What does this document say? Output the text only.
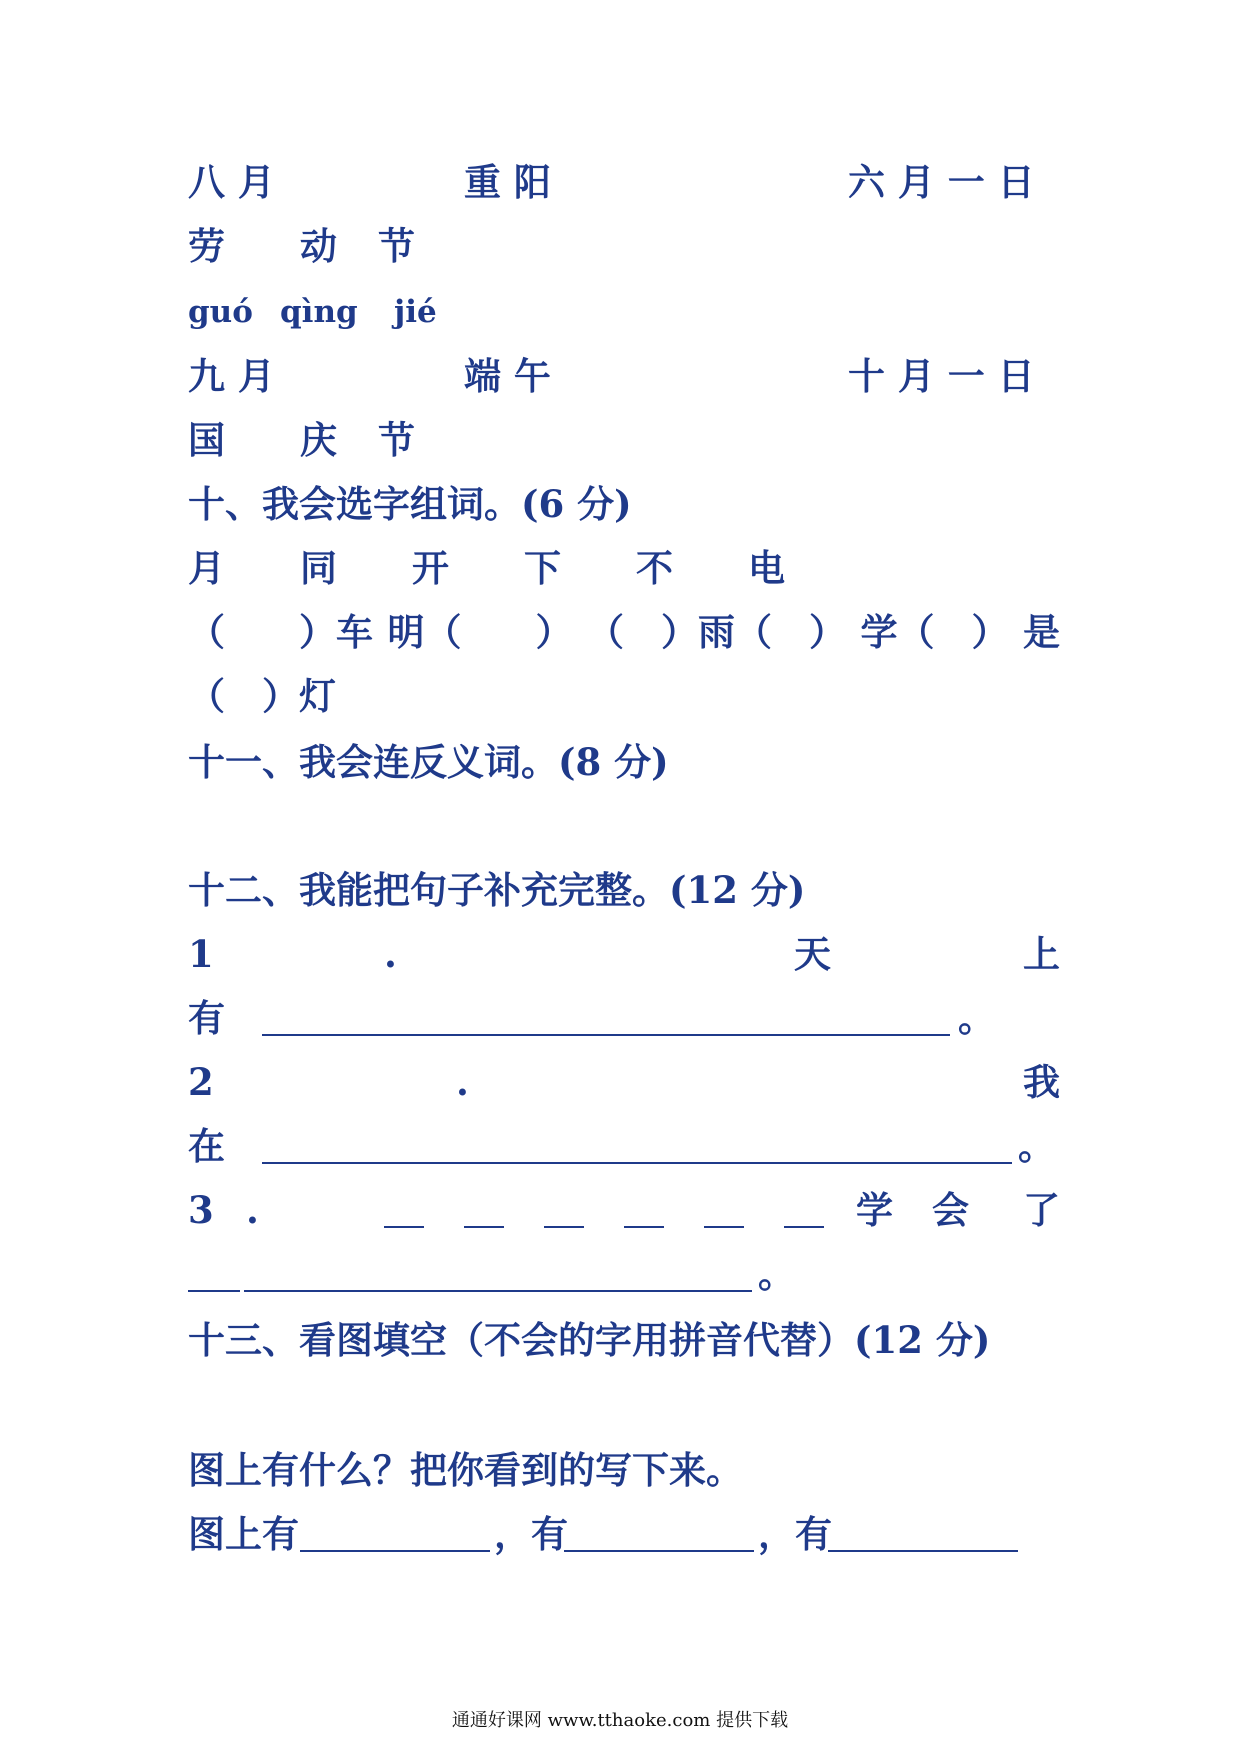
八 月	重 阳	六 月 一 日
劳 动 节
guó qìng jié
九 月	端 午	十 月 一 日
国 庆 节
十、我会选字组词。(6 分)
月 同 开 下 不 电
（　　）车 明（　　） （　）雨（　） 学（　） 是
（　）灯
十一、我会连反义词。(8 分)
十二、我能把句子补充完整。(12 分)
1	.	天	上
有	。
2	.	我
在	。
3 .	学 会 了
。
十三、看图填空（不会的字用拼音代替）(12 分)
图上有什么？把你看到的写下来。
图上有	，有	，有
通通好课网 www.tthaoke.com 提供下载
